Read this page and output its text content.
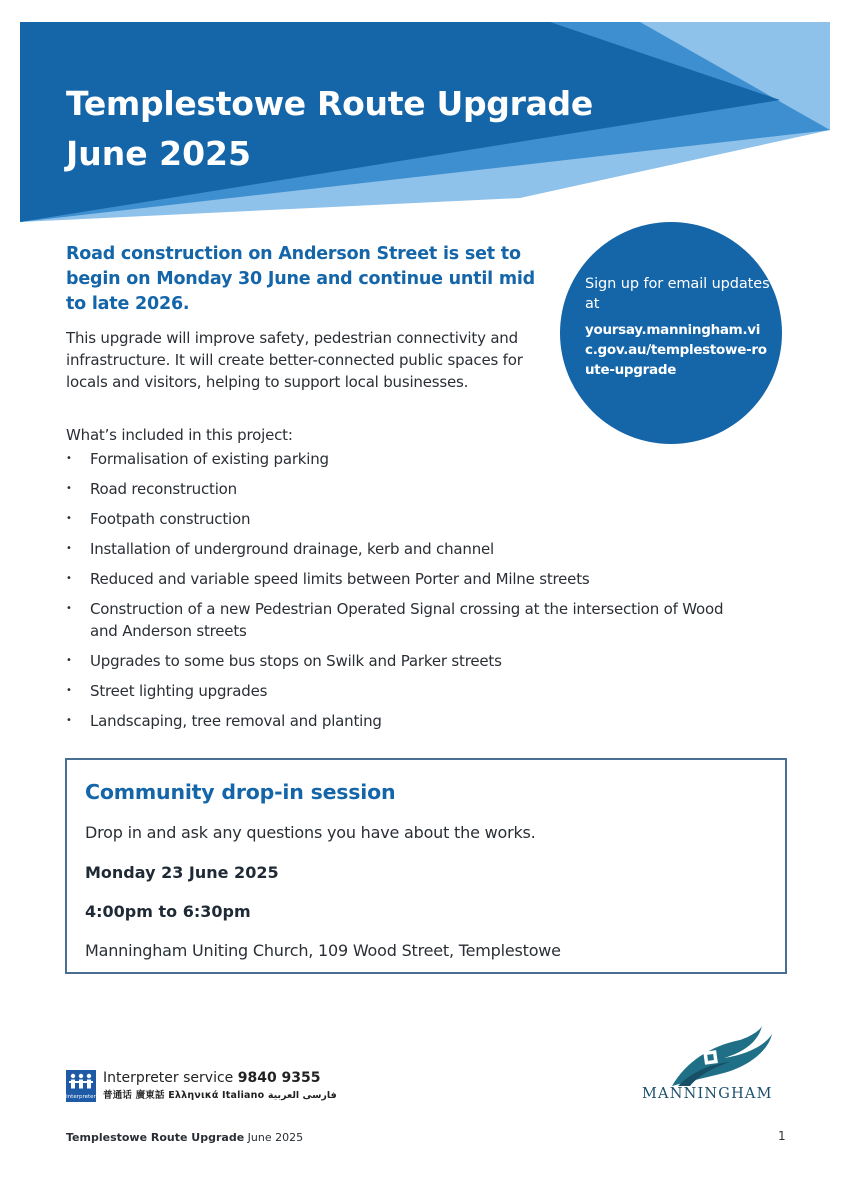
Templestowe Route Upgrade
June 2025

Road construction on Anderson Street is set to begin on Monday 30 June and continue until mid to late 2026.

This upgrade will improve safety, pedestrian connectivity and infrastructure. It will create better-connected public spaces for locals and visitors, helping to support local businesses.

What’s included in this project:

• Formalisation of existing parking
• Road reconstruction
• Footpath construction
• Installation of underground drainage, kerb and channel
• Reduced and variable speed limits between Porter and Milne streets
• Construction of a new Pedestrian Operated Signal crossing at the intersection of Wood and Anderson streets
• Upgrades to some bus stops on Swilk and Parker streets
• Street lighting upgrades
• Landscaping, tree removal and planting

Sign up for email updates at

yoursay.manningham.vic.gov.au/templestowe-route-upgrade

Community drop-in session

Drop in and ask any questions you have about the works.

Monday 23 June 2025

4:00pm to 6:30pm

Manningham Uniting Church, 109 Wood Street, Templestowe

interpreter

Interpreter service 9840 9355

普通话 廣東話 Ελληνικά Italiano فارسی العربية	MANNINGHAM

Templestowe Route Upgrade June 2025	1
